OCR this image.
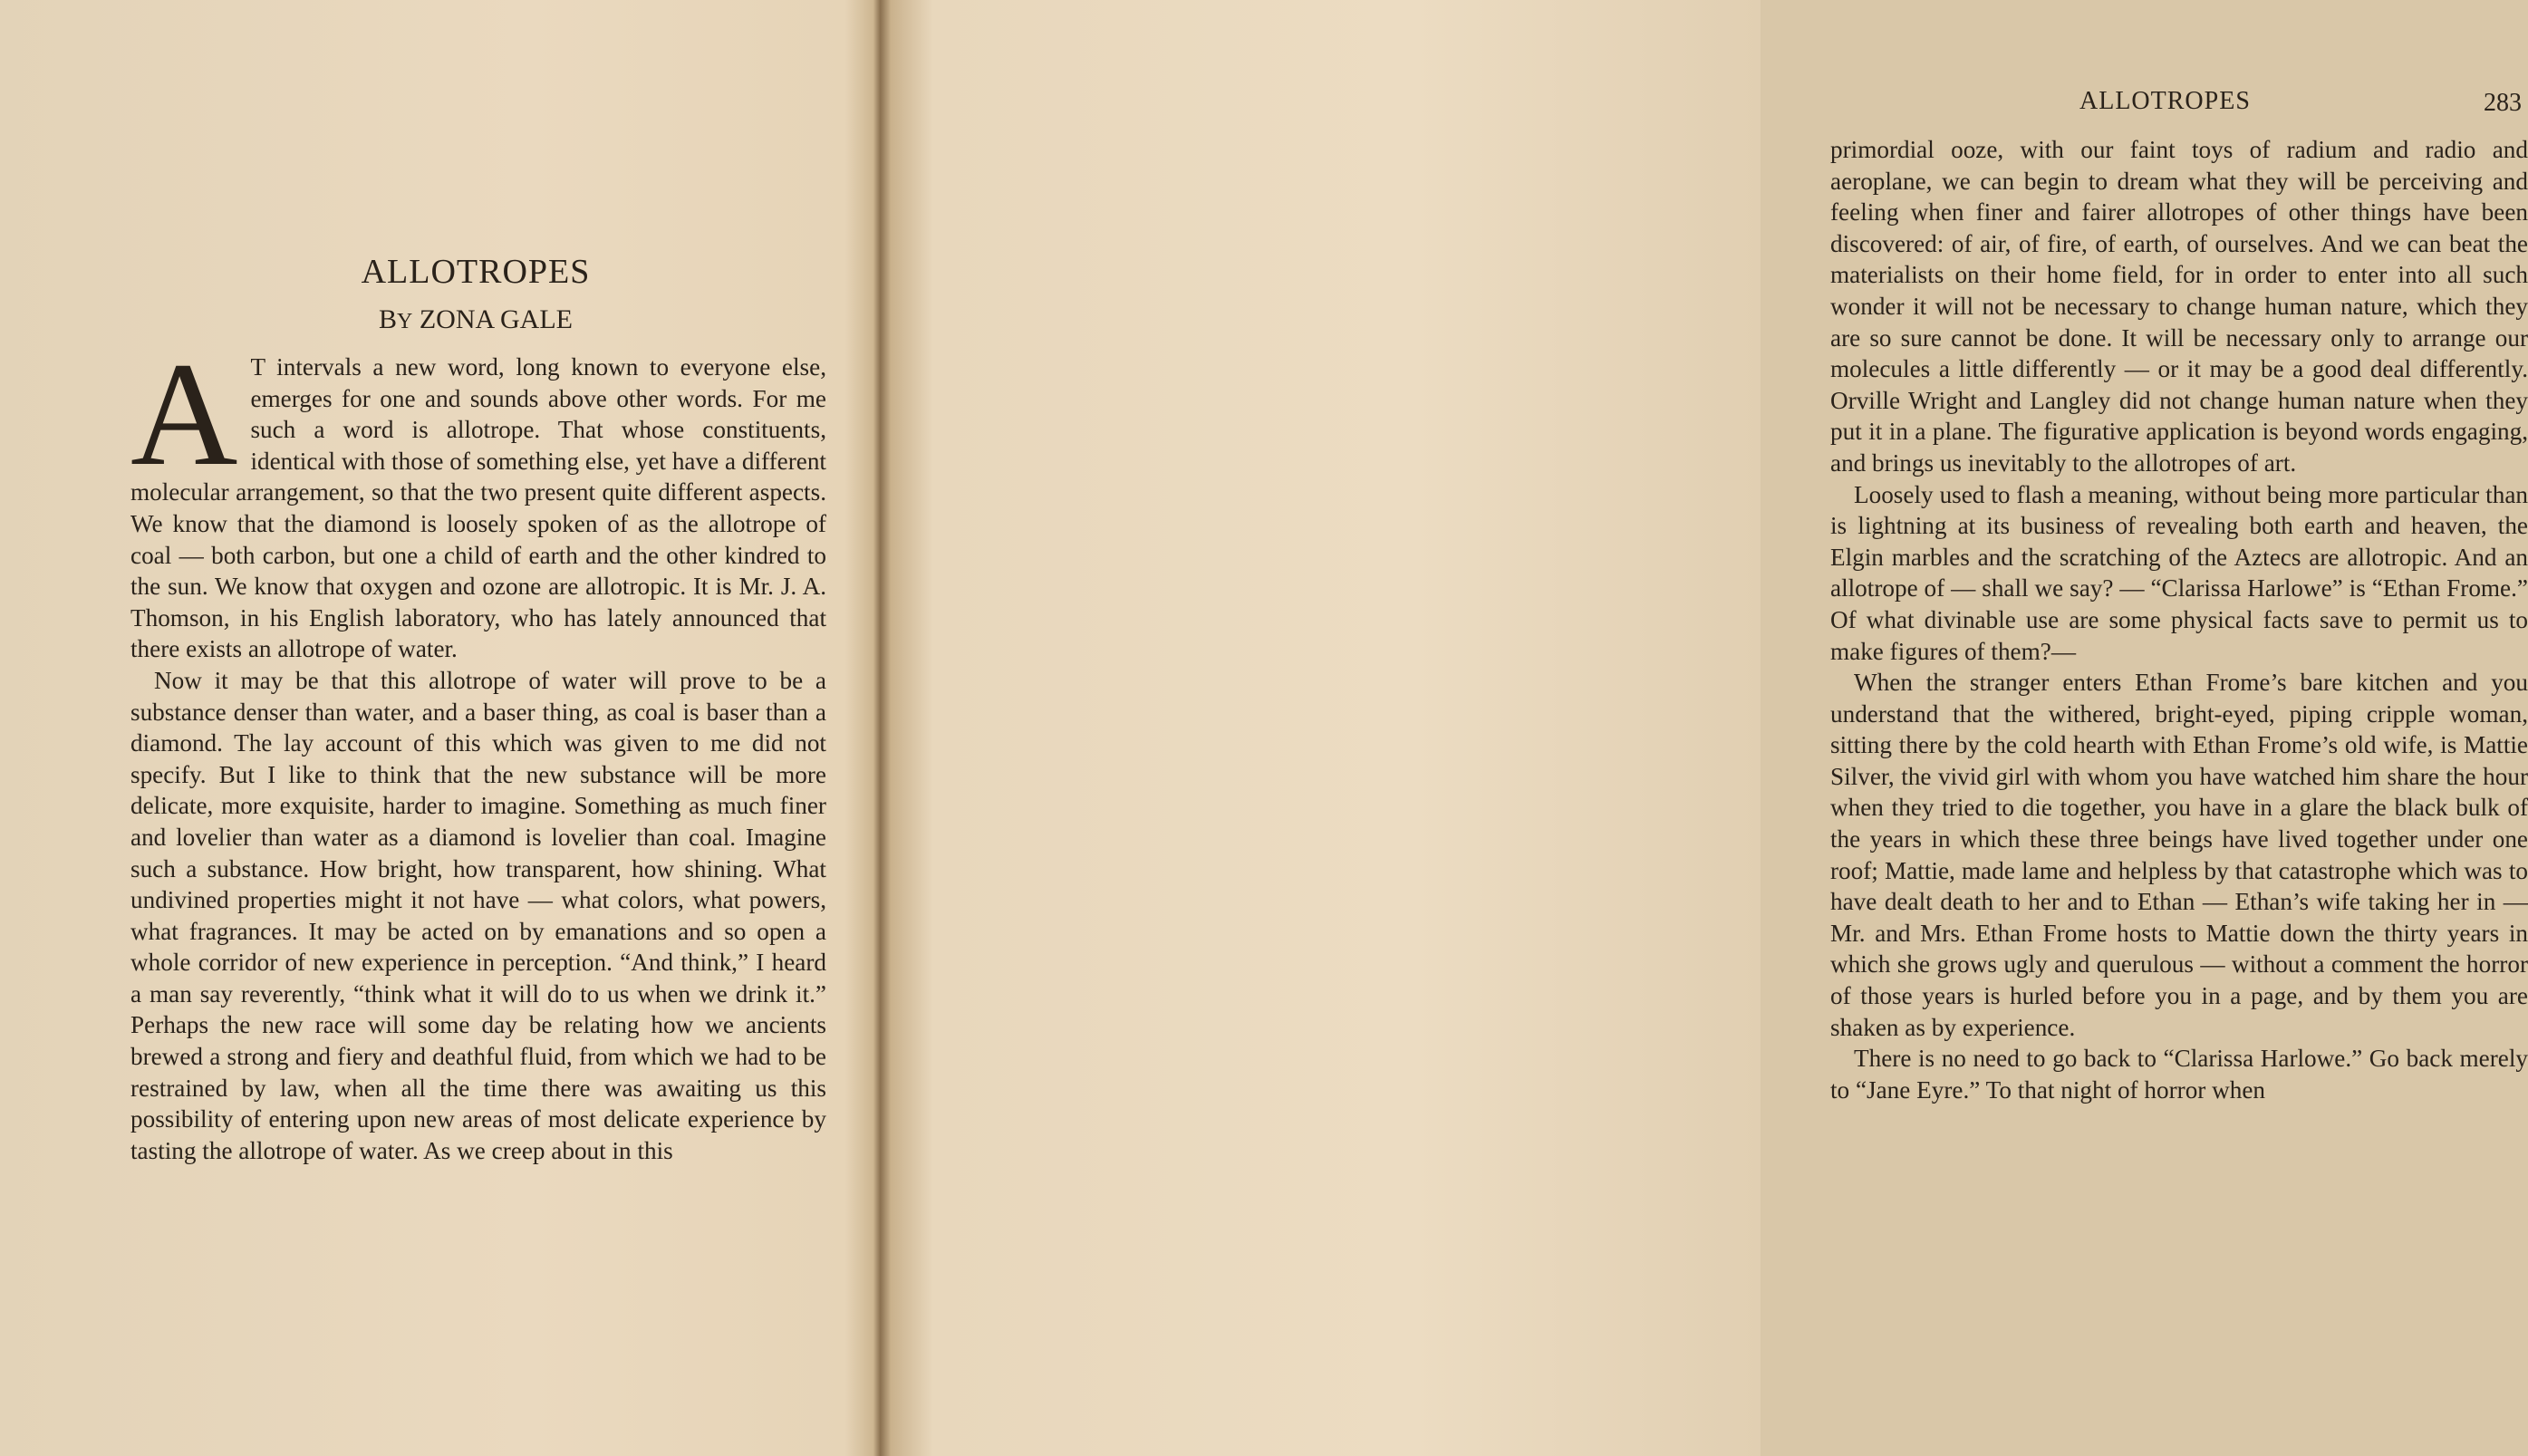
ALLOTROPES
BY ZONA GALE

A T intervals a new word, long known to everyone else, emerges for one and sounds above other words. For me such a word is allotrope. That whose constituents, identical with those of something else, yet have a different molecular arrangement, so that the two present quite different aspects. We know that the diamond is loosely spoken of as the allotrope of coal — both carbon, but one a child of earth and the other kindred to the sun. We know that oxygen and ozone are allotropic. It is Mr. J. A. Thomson, in his English laboratory, who has lately announced that there exists an allotrope of water.

Now it may be that this allotrope of water will prove to be a substance denser than water, and a baser thing, as coal is baser than a diamond. The lay account of this which was given to me did not specify. But I like to think that the new substance will be more delicate, more exquisite, harder to imagine. Something as much finer and lovelier than water as a diamond is lovelier than coal. Imagine such a substance. How bright, how transparent, how shining. What undivined properties might it not have — what colors, what powers, what fragrances. It may be acted on by emanations and so open a whole corridor of new experience in perception. “And think,” I heard a man say reverently, “think what it will do to us when we drink it.” Perhaps the new race will some day be relating how we ancients brewed a strong and fiery and deathful fluid, from which we had to be restrained by law, when all the time there was awaiting us this possibility of entering upon new areas of most delicate experience by tasting the allotrope of water. As we creep about in this

ALLOTROPES	283

primordial ooze, with our faint toys of radium and radio and aeroplane, we can begin to dream what they will be perceiving and feeling when finer and fairer allotropes of other things have been discovered: of air, of fire, of earth, of ourselves. And we can beat the materialists on their home field, for in order to enter into all such wonder it will not be necessary to change human nature, which they are so sure cannot be done. It will be necessary only to arrange our molecules a little differently — or it may be a good deal differently. Orville Wright and Langley did not change human nature when they put it in a plane. The figurative application is beyond words engaging, and brings us inevitably to the allotropes of art.

Loosely used to flash a meaning, without being more particular than is lightning at its business of revealing both earth and heaven, the Elgin marbles and the scratching of the Aztecs are allotropic. And an allotrope of — shall we say? — “Clarissa Harlowe” is “Ethan Frome.” Of what divinable use are some physical facts save to permit us to make figures of them?—

When the stranger enters Ethan Frome’s bare kitchen and you understand that the withered, bright-eyed, piping cripple woman, sitting there by the cold hearth with Ethan Frome’s old wife, is Mattie Silver, the vivid girl with whom you have watched him share the hour when they tried to die together, you have in a glare the black bulk of the years in which these three beings have lived together under one roof; Mattie, made lame and helpless by that catastrophe which was to have dealt death to her and to Ethan — Ethan’s wife taking her in — Mr. and Mrs. Ethan Frome hosts to Mattie down the thirty years in which she grows ugly and querulous — without a comment the horror of those years is hurled before you in a page, and by them you are shaken as by experience.

There is no need to go back to “Clarissa Harlowe.” Go back merely to “Jane Eyre.” To that night of horror when
